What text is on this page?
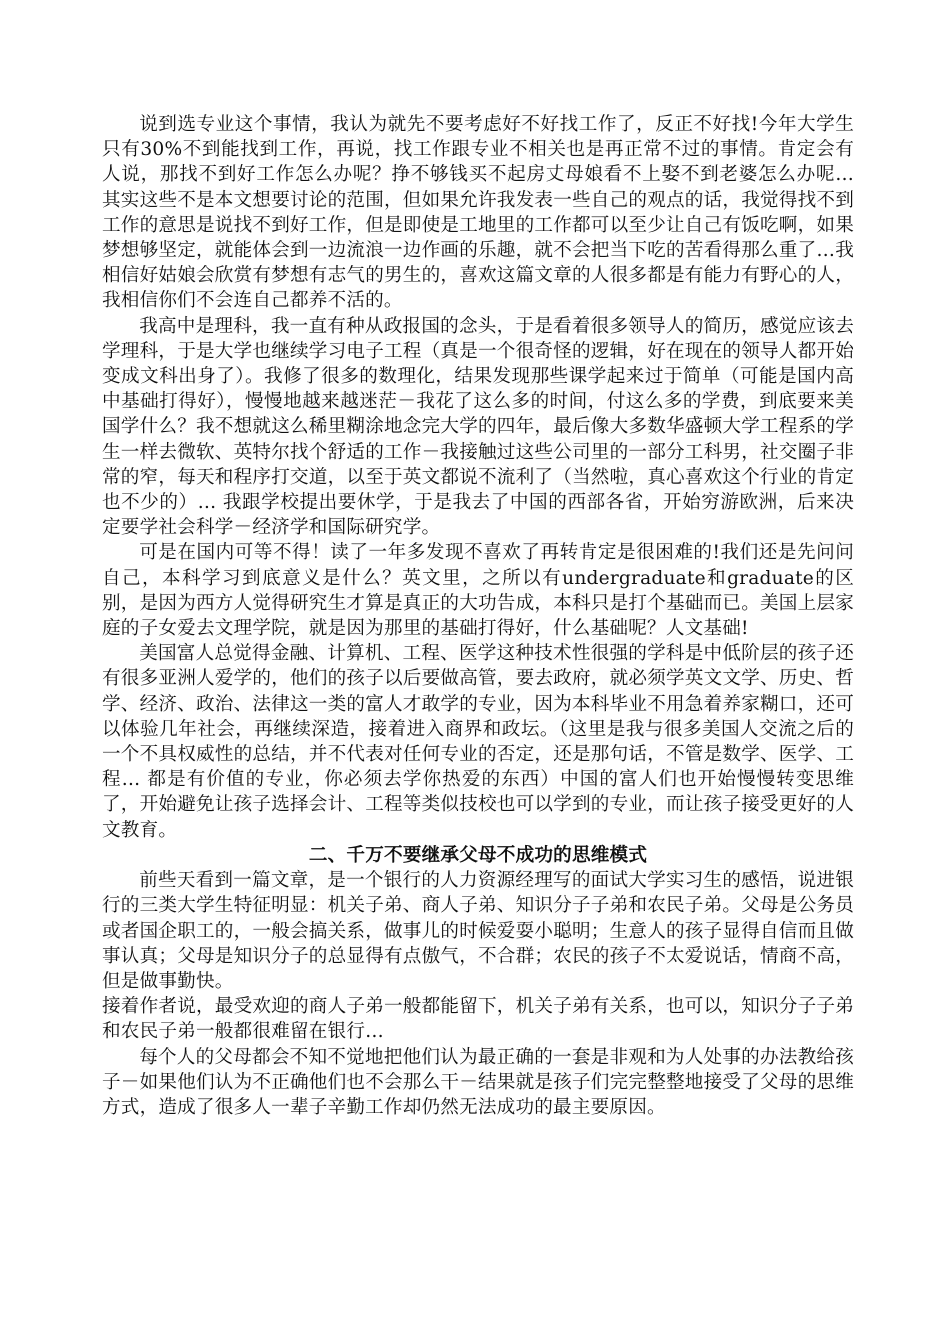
说到选专业这个事情，我认为就先不要考虑好不好找工作了，反正不好找!今年大学生只有30%不到能找到工作，再说，找工作跟专业不相关也是再正常不过的事情。肯定会有人说，那找不到好工作怎么办呢？挣不够钱买不起房丈母娘看不上娶不到老婆怎么办呢… 其实这些不是本文想要讨论的范围，但如果允许我发表一些自己的观点的话，我觉得找不到工作的意思是说找不到好工作，但是即使是工地里的工作都可以至少让自己有饭吃啊，如果梦想够坚定，就能体会到一边流浪一边作画的乐趣，就不会把当下吃的苦看得那么重了…我相信好姑娘会欣赏有梦想有志气的男生的，喜欢这篇文章的人很多都是有能力有野心的人，我相信你们不会连自己都养不活的。

我高中是理科，我一直有种从政报国的念头，于是看着很多领导人的简历，感觉应该去学理科，于是大学也继续学习电子工程（真是一个很奇怪的逻辑，好在现在的领导人都开始变成文科出身了）。我修了很多的数理化，结果发现那些课学起来过于简单（可能是国内高中基础打得好），慢慢地越来越迷茫－我花了这么多的时间，付这么多的学费，到底要来美国学什么？我不想就这么稀里糊涂地念完大学的四年，最后像大多数华盛顿大学工程系的学生一样去微软、英特尔找个舒适的工作－我接触过这些公司里的一部分工科男，社交圈子非常的窄，每天和程序打交道，以至于英文都说不流利了（当然啦，真心喜欢这个行业的肯定也不少的）… 我跟学校提出要休学，于是我去了中国的西部各省，开始穷游欧洲，后来决定要学社会科学－经济学和国际研究学。

可是在国内可等不得！读了一年多发现不喜欢了再转肯定是很困难的!我们还是先问问自己，本科学习到底意义是什么？英文里，之所以有undergraduate和graduate的区别，是因为西方人觉得研究生才算是真正的大功告成，本科只是打个基础而已。美国上层家庭的子女爱去文理学院，就是因为那里的基础打得好，什么基础呢？人文基础!

美国富人总觉得金融、计算机、工程、医学这种技术性很强的学科是中低阶层的孩子还有很多亚洲人爱学的，他们的孩子以后要做高管，要去政府，就必须学英文文学、历史、哲学、经济、政治、法律这一类的富人才敢学的专业，因为本科毕业不用急着养家糊口，还可以体验几年社会，再继续深造，接着进入商界和政坛。（这里是我与很多美国人交流之后的一个不具权威性的总结，并不代表对任何专业的否定，还是那句话，不管是数学、医学、工程… 都是有价值的专业，你必须去学你热爱的东西）中国的富人们也开始慢慢转变思维了，开始避免让孩子选择会计、工程等类似技校也可以学到的专业，而让孩子接受更好的人文教育。

二、千万不要继承父母不成功的思维模式

前些天看到一篇文章，是一个银行的人力资源经理写的面试大学实习生的感悟，说进银行的三类大学生特征明显：机关子弟、商人子弟、知识分子子弟和农民子弟。父母是公务员或者国企职工的，一般会搞关系，做事儿的时候爱耍小聪明；生意人的孩子显得自信而且做事认真；父母是知识分子的总显得有点傲气，不合群；农民的孩子不太爱说话，情商不高，但是做事勤快。

接着作者说，最受欢迎的商人子弟一般都能留下，机关子弟有关系，也可以，知识分子子弟和农民子弟一般都很难留在银行…

每个人的父母都会不知不觉地把他们认为最正确的一套是非观和为人处事的办法教给孩子－如果他们认为不正确他们也不会那么干－结果就是孩子们完完整整地接受了父母的思维方式，造成了很多人一辈子辛勤工作却仍然无法成功的最主要原因。
